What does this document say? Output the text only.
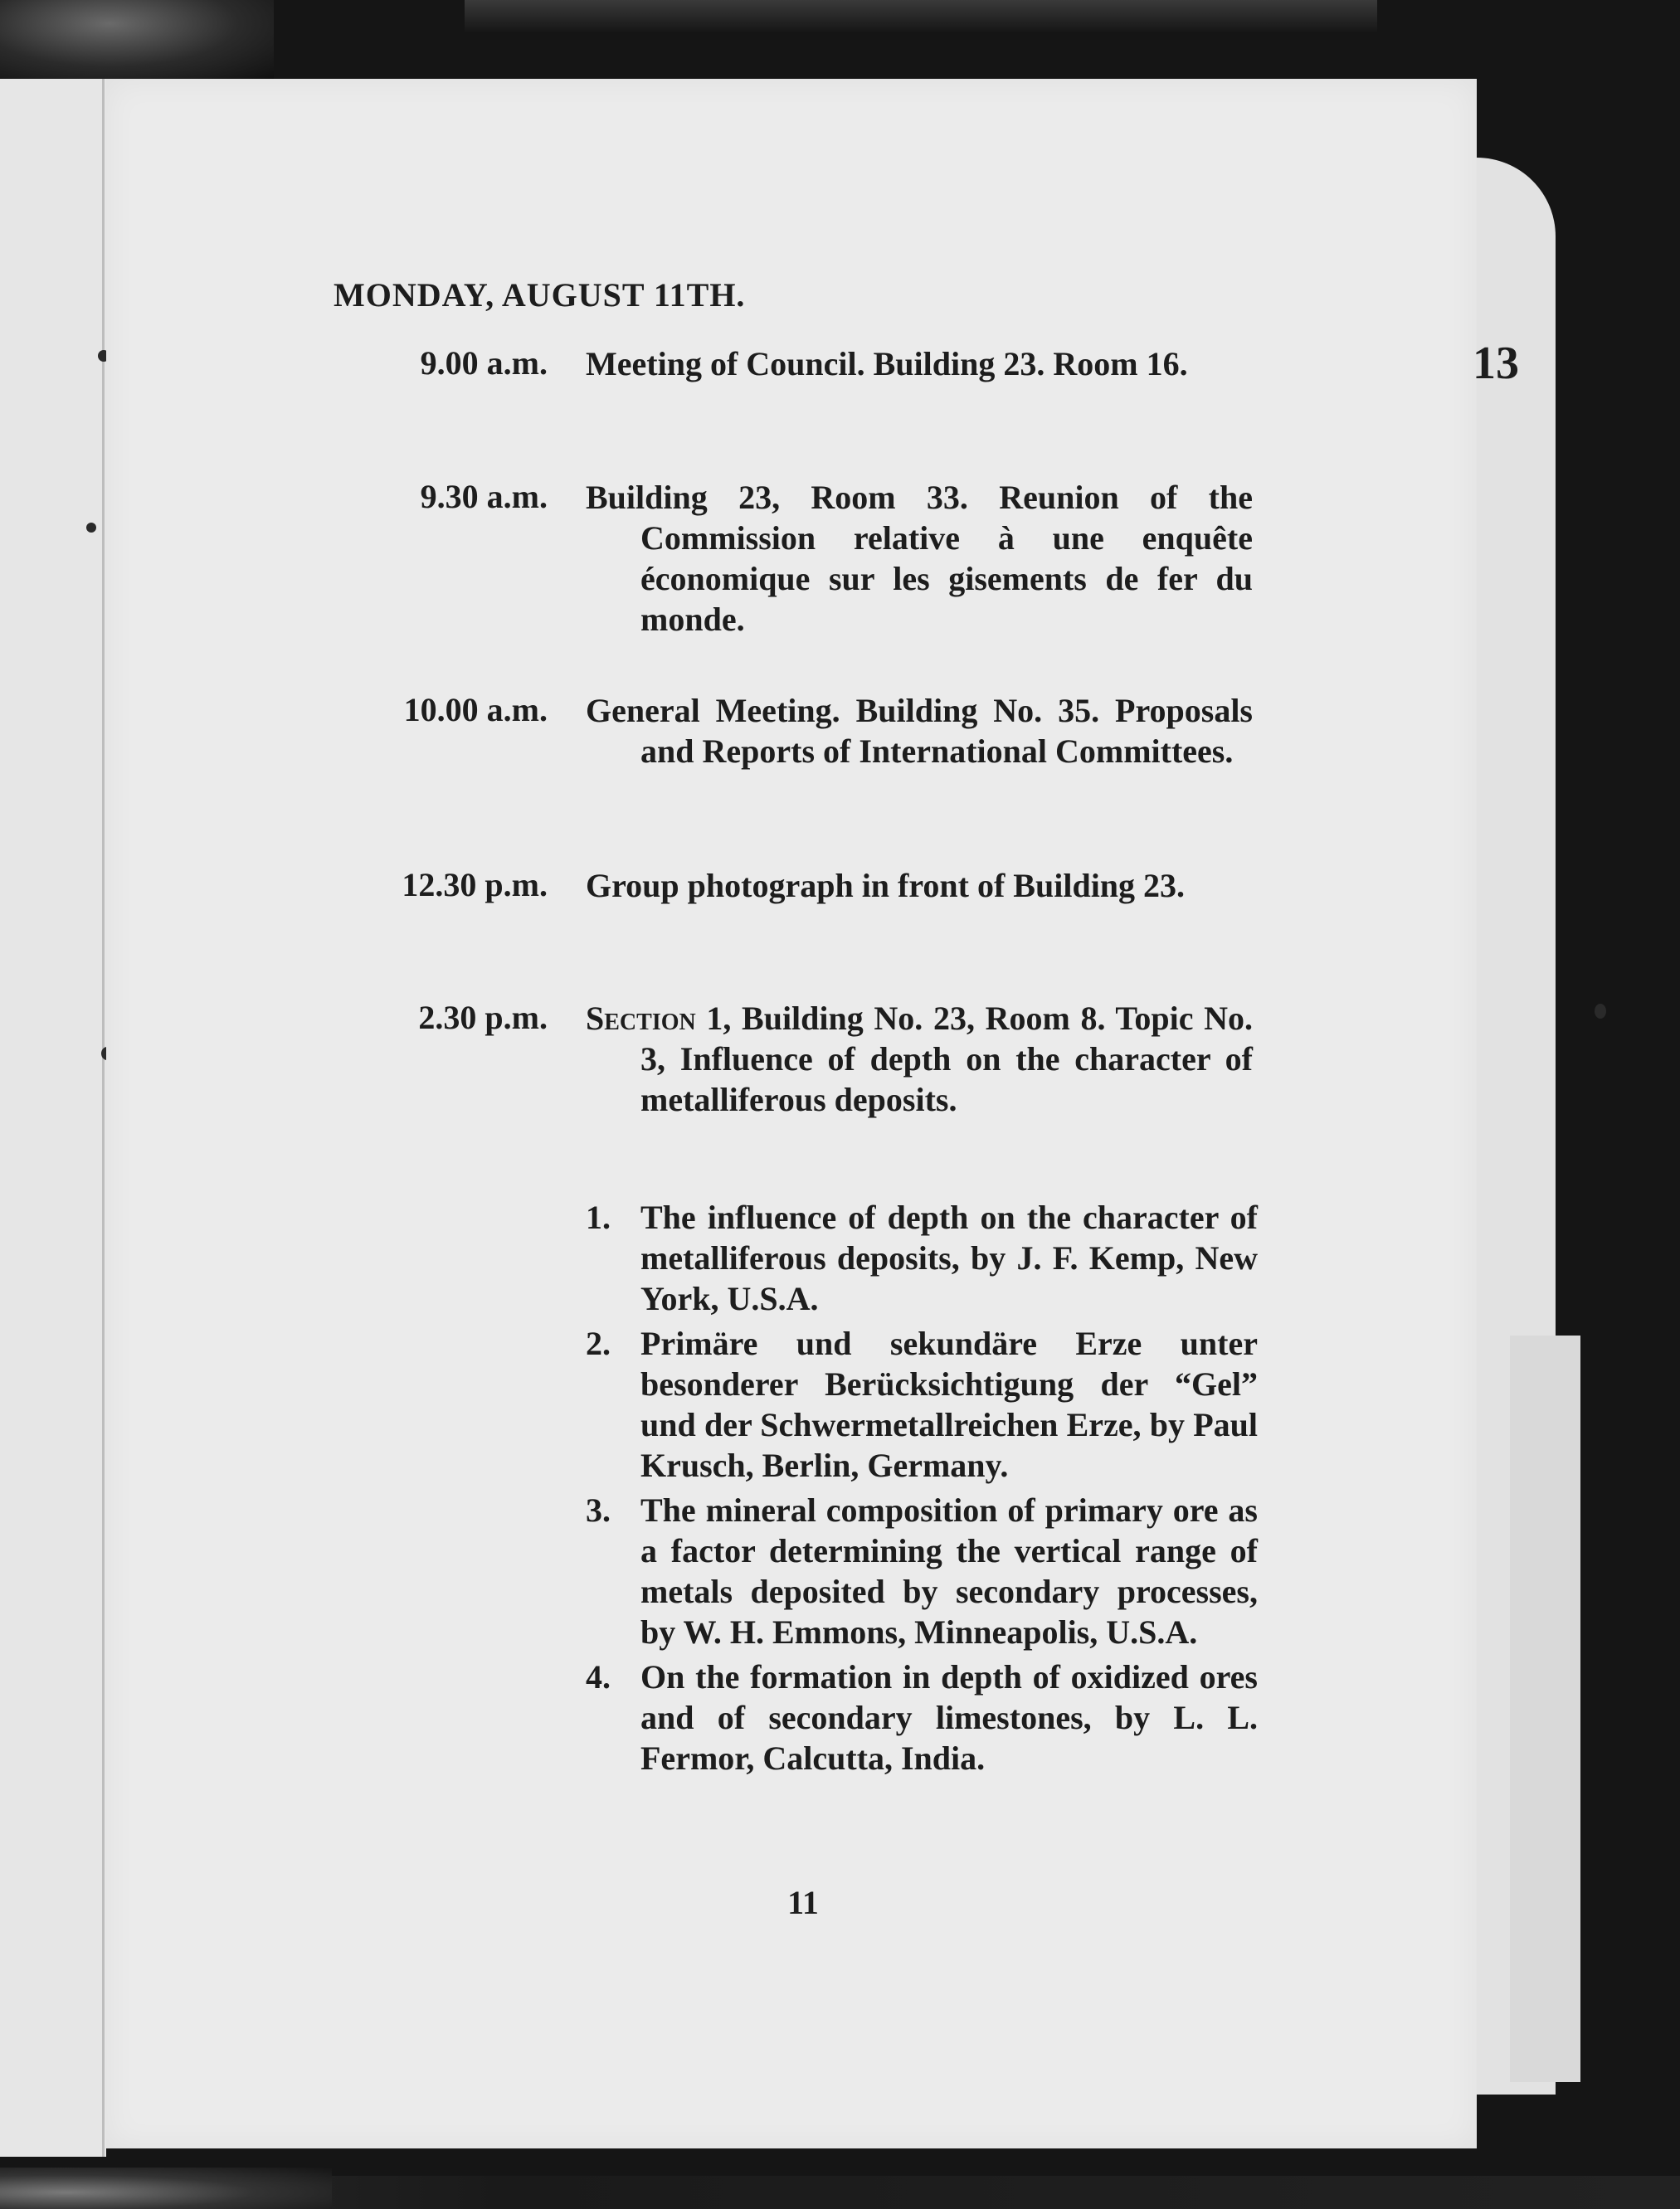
13
MONDAY, AUGUST 11TH.
9.00 a.m. Meeting of Council. Building 23. Room 16.
9.30 a.m. Building 23, Room 33. Reunion of the Commission relative à une enquête économique sur les gisements de fer du monde.
10.00 a.m. General Meeting. Building No. 35. Proposals and Reports of International Committees.
12.30 p.m. Group photograph in front of Building 23.
2.30 p.m. Section 1, Building No. 23, Room 8. Topic No. 3, Influence of depth on the character of metalliferous deposits.
1. The influence of depth on the character of metalliferous deposits, by J. F. Kemp, New York, U.S.A.
2. Primäre und sekundäre Erze unter besonderer Berücksichtigung der “Gel” und der Schwermetallreichen Erze, by Paul Krusch, Berlin, Germany.
3. The mineral composition of primary ore as a factor determining the vertical range of metals deposited by secondary processes, by W. H. Emmons, Minneapolis, U.S.A.
4. On the formation in depth of oxidized ores and of secondary limestones, by L. L. Fermor, Calcutta, India.
11
